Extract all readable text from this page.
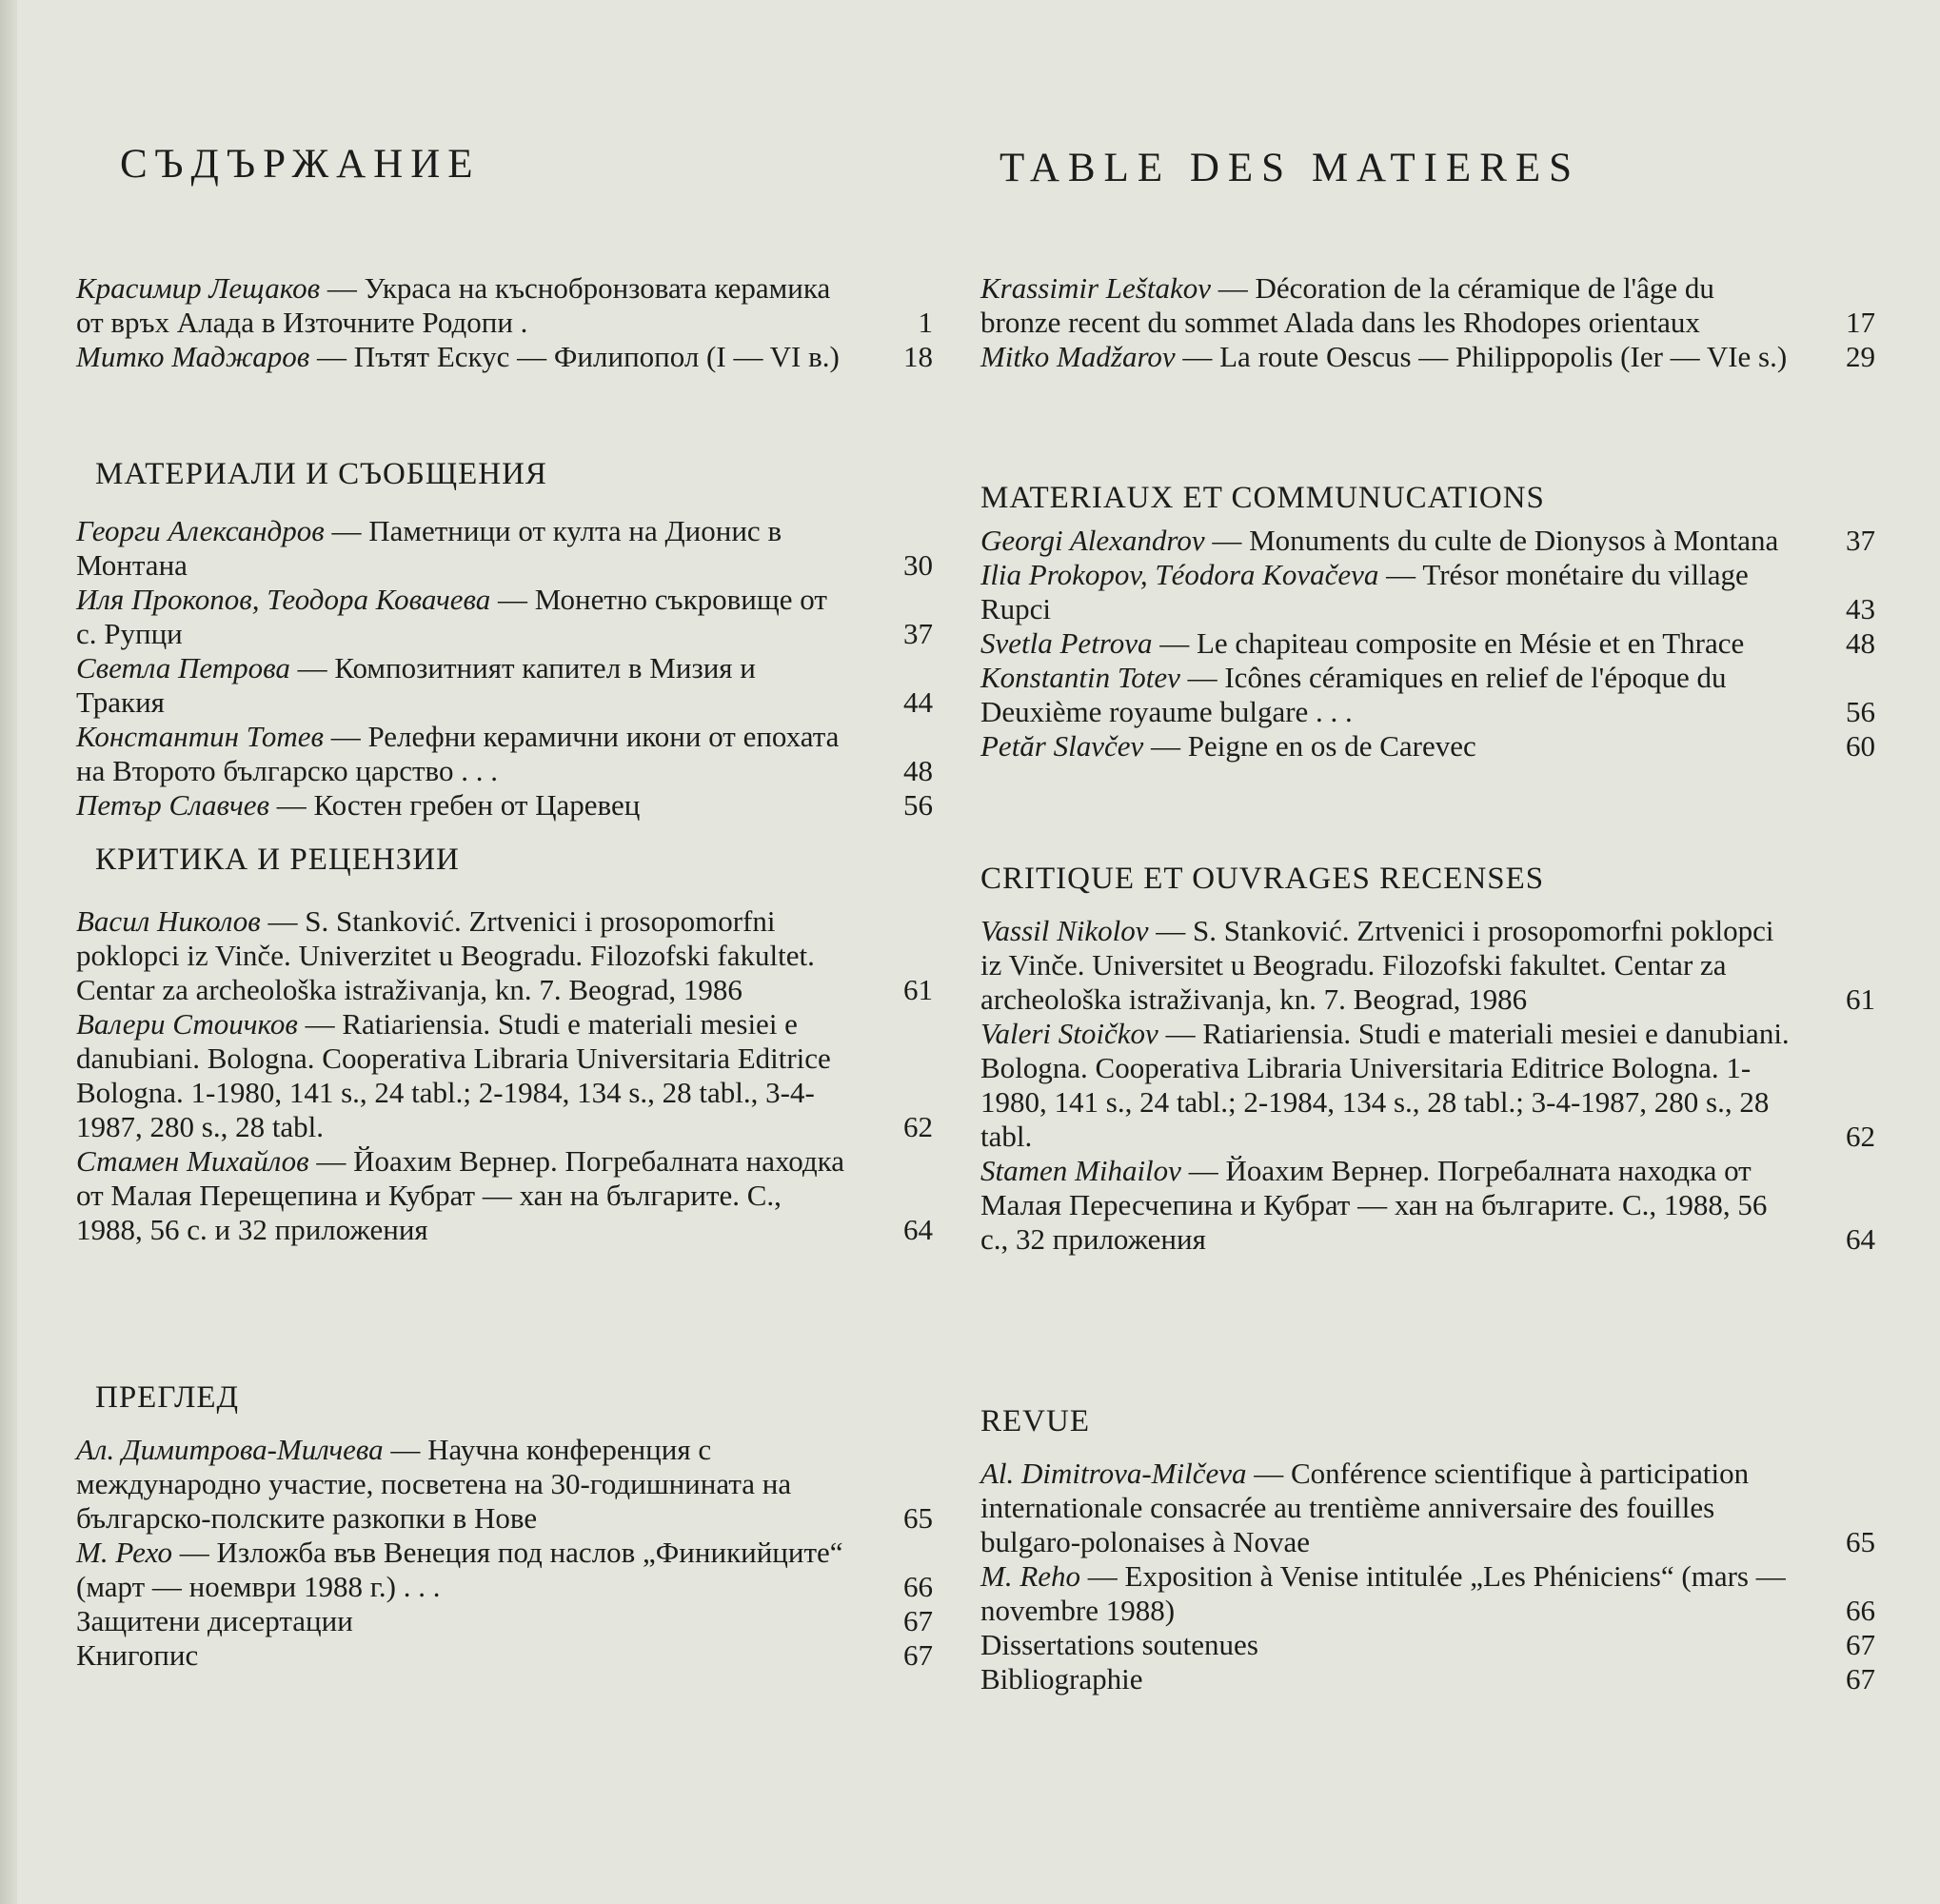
СЪДЪРЖАНИЕ
Красимир Лещаков — Украса на къснобронзовата керамика от връх Алада в Източните Родопи .	1
Митко Маджаров — Пътят Ескус — Филипопол (I — VI в.)	18
МАТЕРИАЛИ И СЪОБЩЕНИЯ
Георги Александров — Паметници от култа на Дионис в Монтана	30
Иля Прокопов, Теодора Ковачева — Монетно съкровище от с. Рупци	37
Светла Петрова — Композитният капител в Мизия и Тракия	44
Константин Тотев — Релефни керамични икони от епохата на Второто българско царство . . .	48
Петър Славчев — Костен гребен от Царевец	56
КРИТИКА И РЕЦЕНЗИИ
Васил Николов — S. Stanković. Zrtvenici i prosopomorfni poklopci iz Vinče. Univerzitet u Beogradu. Filozofski fakultet. Centar za archeološka istraživanja, kn. 7. Beograd, 1986	61
Валери Стоичков — Ratiariensia. Studi e materiali mesiei e danubiani. Bologna. Cooperativa Libraria Universitaria Editrice Bologna. 1-1980, 141 s., 24 tabl.; 2-1984, 134 s., 28 tabl., 3-4-1987, 280 s., 28 tabl.	62
Стамен Михайлов — Йоахим Вернер. Погребалната находка от Малая Перещепина и Кубрат — хан на българите. С., 1988, 56 с. и 32 приложения	64
ПРЕГЛЕД
Ал. Димитрова-Милчева — Научна конференция с международно участие, посветена на 30-годишнината на българско-полските разкопки в Нове	65
М. Рехо — Изложба във Венеция под наслов „Финикийците“ (март — ноември 1988 г.) . . .	66
Защитени дисертации	67
Книгопис	67
TABLE DES MATIERES
Krassimir Leštakov — Décoration de la céramique de l'âge du bronze recent du sommet Alada dans les Rhodopes orientaux	17
Mitko Madžarov — La route Oescus — Philippopolis (Ier — VIe s.)	29
MATERIAUX ET COMMUNUCATIONS
Georgi Alexandrov — Monuments du culte de Dionysos à Montana	37
Ilia Prokopov, Téodora Kovačeva — Trésor monétaire du village Rupci	43
Svetla Petrova — Le chapiteau composite en Mésie et en Thrace	48
Konstantin Totev — Icônes céramiques en relief de l'époque du Deuxième royaume bulgare . . .	56
Petăr Slavčev — Peigne en os de Carevec	60
CRITIQUE ET OUVRAGES RECENSES
Vassil Nikolov — S. Stanković. Zrtvenici i prosopomorfni poklopci iz Vinče. Universitet u Beogradu. Filozofski fakultet. Centar za archeološka istraživanja, kn. 7. Beograd, 1986	61
Valeri Stoičkov — Ratiariensia. Studi e materiali mesiei e danubiani. Bologna. Cooperativa Libraria Universitaria Editrice Bologna. 1-1980, 141 s., 24 tabl.; 2-1984, 134 s., 28 tabl.; 3-4-1987, 280 s., 28 tabl.	62
Stamen Mihailov — Йоахим Вернер. Погребалната находка от Малая Пересчепина и Кубрат — хан на българите. С., 1988, 56 с., 32 приложения	64
REVUE
Al. Dimitrova-Milčeva — Conférence scientifique à participation internationale consacrée au trentième anniversaire des fouilles bulgaro-polonaises à Novae	65
M. Reho — Exposition à Venise intitulée „Les Phéniciens“ (mars — novembre 1988)	66
Dissertations soutenues	67
Bibliographie	67
